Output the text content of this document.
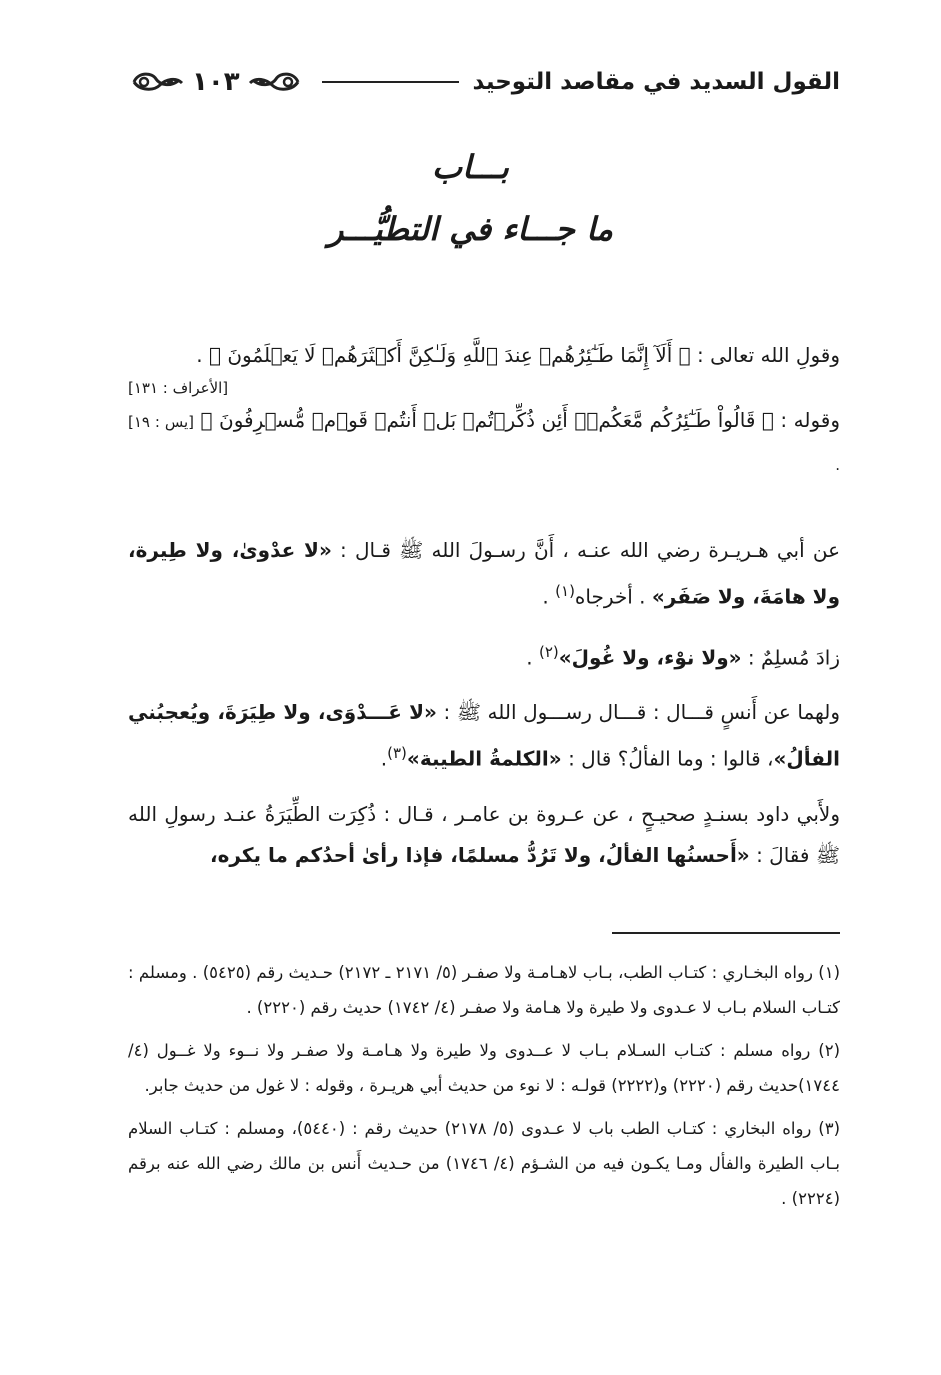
١٠٣	القول السديد في مقاصد التوحيد
بـــاب
ما جـــاء في التطيُّـــر

وقولِ الله تعالى : ﴿ أَلَآ إِنَّمَا طَـٰٓئِرُهُمۡ عِندَ ٱللَّهِ وَلَـٰكِنَّ أَكۡثَرَهُمۡ لَا يَعۡلَمُونَ ﴾ .

[الأعراف : ١٣١]

وقوله : ﴿ قَالُواْ طَـٰٓئِرُكُم مَّعَكُمۡۚ أَئِن ذُكِّرۡتُمۚ بَلۡ أَنتُمۡ قَوۡمٞ مُّسۡرِفُونَ ﴾ [يس : ١٩] .

عن أبي هـريـرة رضي الله عنـه ، أَنَّ رسـولَ الله ﷺ قـال : «لا عدْوىٰ، ولا طِيرة، ولا هامَةَ، ولا صَفَر» . أخرجاه$^{(١)}$ .

زادَ مُسلِمٌ : «ولا نوْء، ولا غُولَ»$^{(٢)}$ .

ولهما عن أَنسٍ قـــال : قـــال رســـول الله ﷺ : «لا عَـــدْوَى، ولا طِيَرَةَ، ويُعجبُني الفألُ»، قالوا : وما الفألُ؟ قال : «الكلمةُ الطيبة»$^{(٣)}$.

ولأَبي داود بسنـدٍ صحيـحٍ ، عن عـروة بن عامـر ، قـال : ذُكِرَت الطِّيَرَةُ عنـد رسولِ الله ﷺ فقالَ : «أَحسنُها الفألُ، ولا تَرُدُّ مسلمًا، فإذا رأىٰ أحدُكم ما يكره،

(١) رواه البخـاري : كتـاب الطب، بـاب لاهـامـة ولا صفـر (٥/ ٢١٧١ ـ ٢١٧٢) حـديث رقم (٥٤٢٥) . ومسلم : كتـاب السلام بـاب لا عـدوى ولا طيرة ولا هـامة ولا صفـر (٤/ ١٧٤٢) حديث رقم (٢٢٢٠) .

(٢) رواه مسلم : كتـاب السـلام بـاب لا عــدوى ولا طيرة ولا هـامـة ولا صفـر ولا نــوء ولا غــول (٤/ ١٧٤٤)حديث رقم (٢٢٢٠) و(٢٢٢٢) قولـه : لا نوء من حديث أبي هريـرة ، وقوله : لا غول من حديث جابر.

(٣) رواه البخاري : كتـاب الطب باب لا عـدوى (٥/ ٢١٧٨) حديث رقم : (٥٤٤٠)، ومسلم : كتـاب السلام بـاب الطيرة والفأل ومـا يكـون فيه من الشـؤم (٤/ ١٧٤٦) من حـديث أَنس بن مالك رضي الله عنه برقم (٢٢٢٤) .
